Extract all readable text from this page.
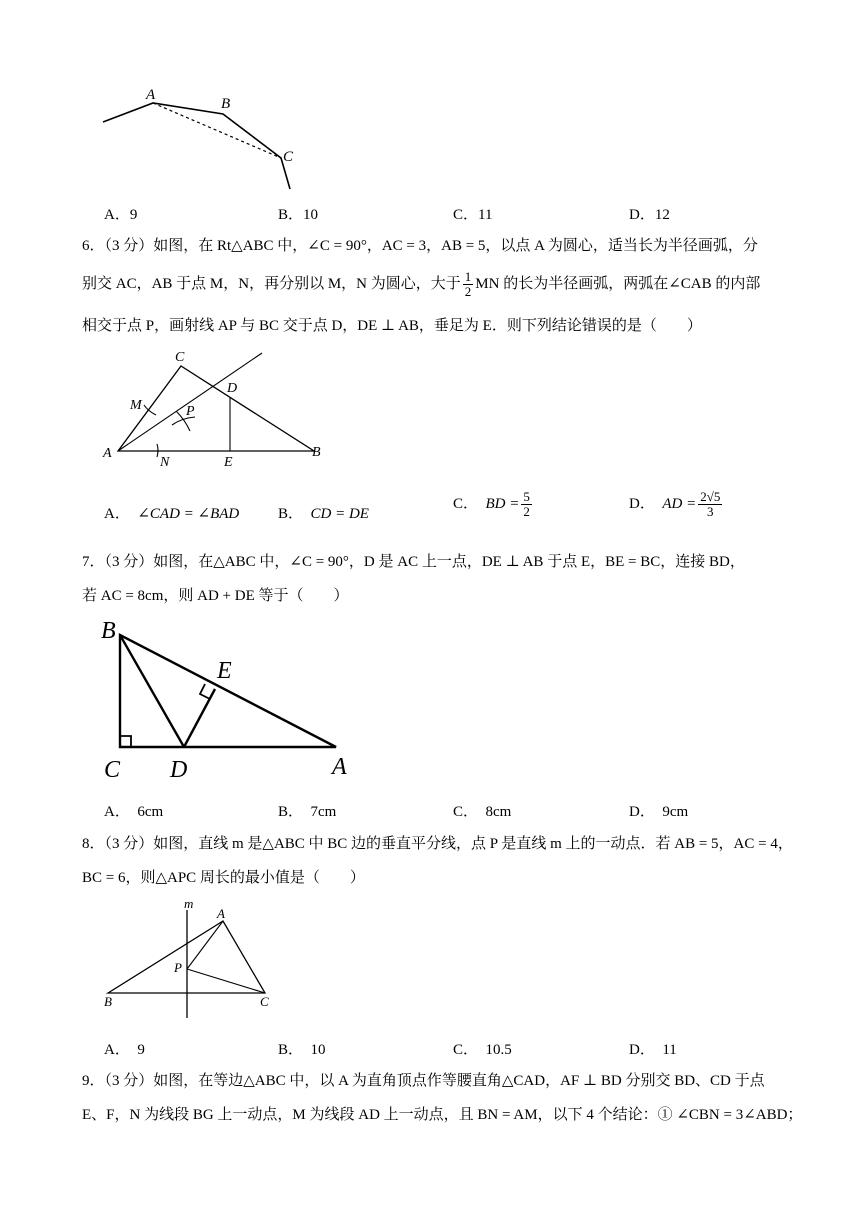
A
B
C
A．9	B．10	C．11	D．12
6．（3 分）如图，在 Rt△ABC 中，∠C = 90°，AC = 3，AB = 5，以点 A 为圆心，适当长为半径画弧，分
别交 AC，AB 于点 M，N，再分别以 M，N 为圆心，大于 $\frac{1}{2}$ MN 的长为半径画弧，两弧在∠CAB 的内部
相交于点 P，画射线 AP 与 BC 交于点 D，DE ⊥ AB，垂足为 E．则下列结论错误的是（　　）
C
D
M	P
A
N	E
B
A． ∠CAD = ∠BAD	B． CD = DE
C． BD = $\frac{5}{2}$	D． AD = $\frac{2√5}{3}$
7．（3 分）如图，在△ABC 中，∠C = 90°，D 是 AC 上一点，DE ⊥ AB 于点 E，BE = BC，连接 BD，
若 AC = 8cm，则 AD + DE 等于（　　）
B
E
C D	A
A． 6cm	B． 7cm	C． 8cm	D． 9cm
8．（3 分）如图，直线 m 是△ABC 中 BC 边的垂直平分线，点 P 是直线 m 上的一动点．若 AB = 5，AC = 4，
BC = 6，则△APC 周长的最小值是（　　）
m
A
P
B	C
A． 9	B． 10	C． 10.5	D． 11
9．（3 分）如图，在等边△ABC 中，以 A 为直角顶点作等腰直角△CAD，AF ⊥ BD 分别交 BD、CD 于点
E、F，N 为线段 BG 上一动点，M 为线段 AD 上一动点，且 BN = AM，以下 4 个结论：① ∠CBN = 3∠ABD；
